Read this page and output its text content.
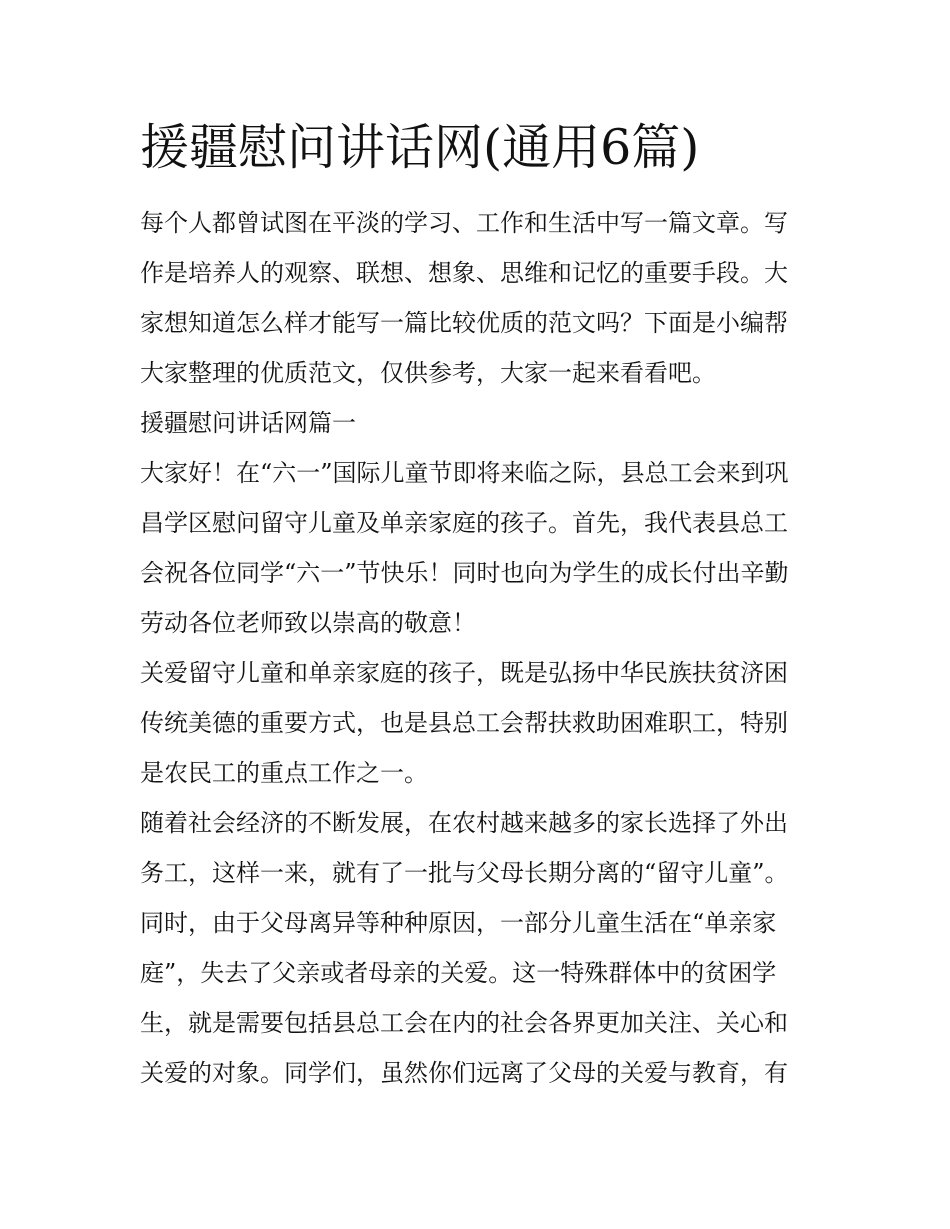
援疆慰问讲话网(通用6篇)

每个人都曾试图在平淡的学习、工作和生活中写一篇文章。写

作是培养人的观察、联想、想象、思维和记忆的重要手段。大

家想知道怎么样才能写一篇比较优质的范文吗？下面是小编帮

大家整理的优质范文，仅供参考，大家一起来看看吧。

援疆慰问讲话网篇一

大家好！在“六一”国际儿童节即将来临之际，县总工会来到巩

昌学区慰问留守儿童及单亲家庭的孩子。首先，我代表县总工

会祝各位同学“六一”节快乐！同时也向为学生的成长付出辛勤

劳动各位老师致以崇高的敬意！

关爱留守儿童和单亲家庭的孩子，既是弘扬中华民族扶贫济困

传统美德的重要方式，也是县总工会帮扶救助困难职工，特别

是农民工的重点工作之一。

随着社会经济的不断发展，在农村越来越多的家长选择了外出

务工，这样一来，就有了一批与父母长期分离的“留守儿童”。

同时，由于父母离异等种种原因，一部分儿童生活在“单亲家

庭”，失去了父亲或者母亲的关爱。这一特殊群体中的贫困学

生，就是需要包括县总工会在内的社会各界更加关注、关心和

关爱的对象。同学们，虽然你们远离了父母的关爱与教育，有
